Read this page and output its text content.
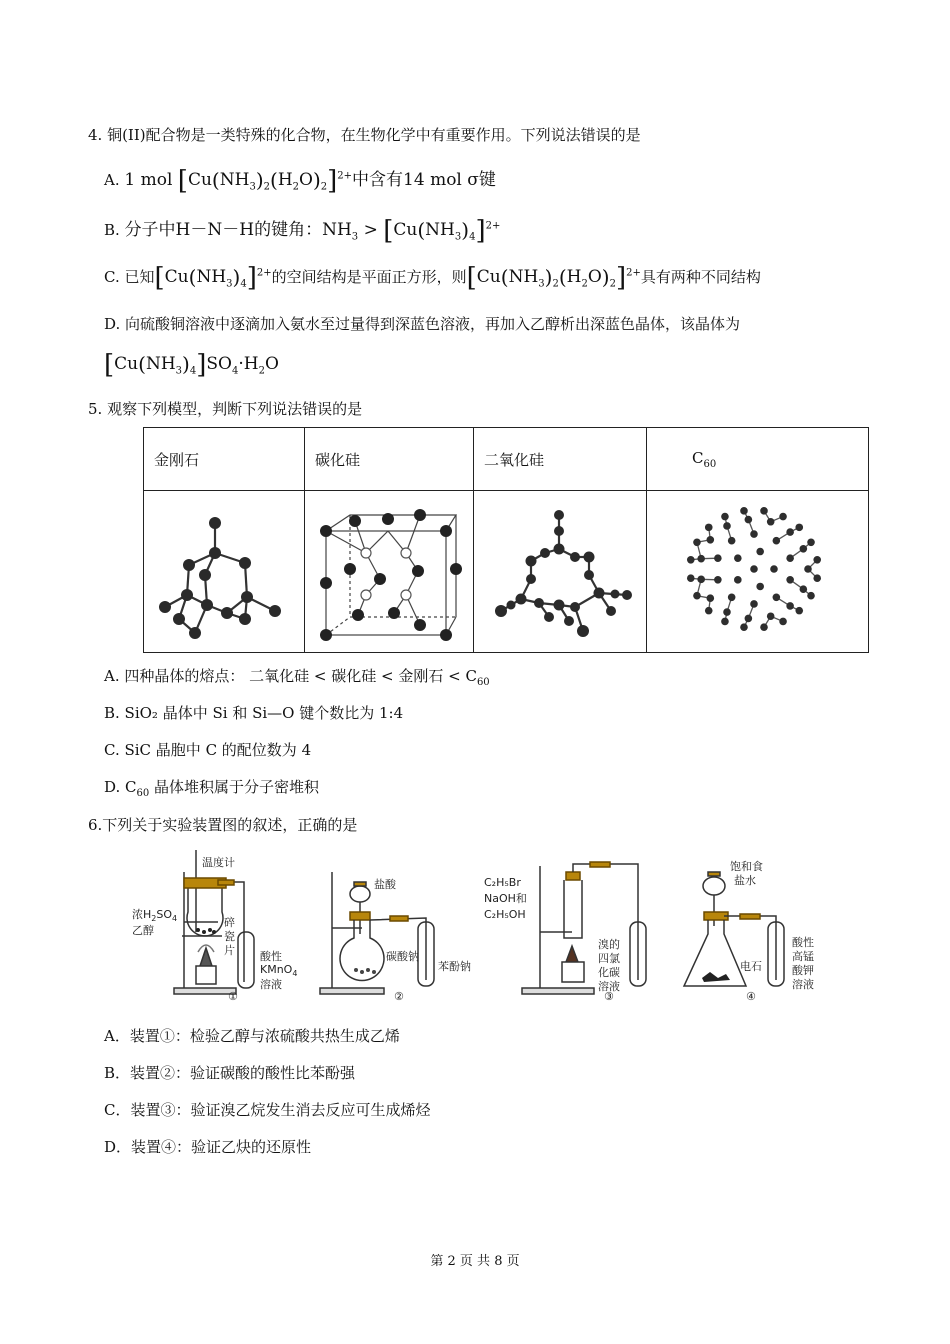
4. 铜(II)配合物是一类特殊的化合物，在生物化学中有重要作用。下列说法错误的是
A. 1 mol $[Cu(NH_3)_2(H_2O)_2]^{2+}$中含有14 mol σ键
B. 分子中H－N－H的键角：$NH_3 > [Cu(NH_3)_4]^{2+}$
C. 已知$[Cu(NH_3)_4]^{2+}$的空间结构是平面正方形，则$[Cu(NH_3)_2(H_2O)_2]^{2+}$具有两种不同结构
D. 向硫酸铜溶液中逐滴加入氨水至过量得到深蓝色溶液，再加入乙醇析出深蓝色晶体，该晶体为
$[Cu(NH_3)_4]SO_4\cdot H_2O$
5. 观察下列模型，判断下列说法错误的是
金刚石	碳化硅	二氧化硅	$C_{60}$

A. 四种晶体的熔点： 二氧化硅 < 碳化硅 < 金刚石 < $C_{60}$
B. SiO₂ 晶体中 Si 和 Si—O 键个数比为 1:4
C. SiC 晶胞中 C 的配位数为 4
D. $C_{60}$ 晶体堆积属于分子密堆积
6.下列关于实验装置图的叙述，正确的是
温度计
浓$H_2SO_4$
乙醇
碎
瓷
片 酸性
KMnO$_4$
溶液
①
盐酸
碳酸钠
苯酚钠
②
C₂H₅Br
NaOH和
C₂H₅OH
溴的
四氯
化碳
溶液
③
饱和食
盐水
电石
酸性
高锰
酸钾
溶液
④
A．装置①：检验乙醇与浓硫酸共热生成乙烯
B．装置②：验证碳酸的酸性比苯酚强
C．装置③：验证溴乙烷发生消去反应可生成烯烃
D．装置④：验证乙炔的还原性
第 2 页 共 8 页
